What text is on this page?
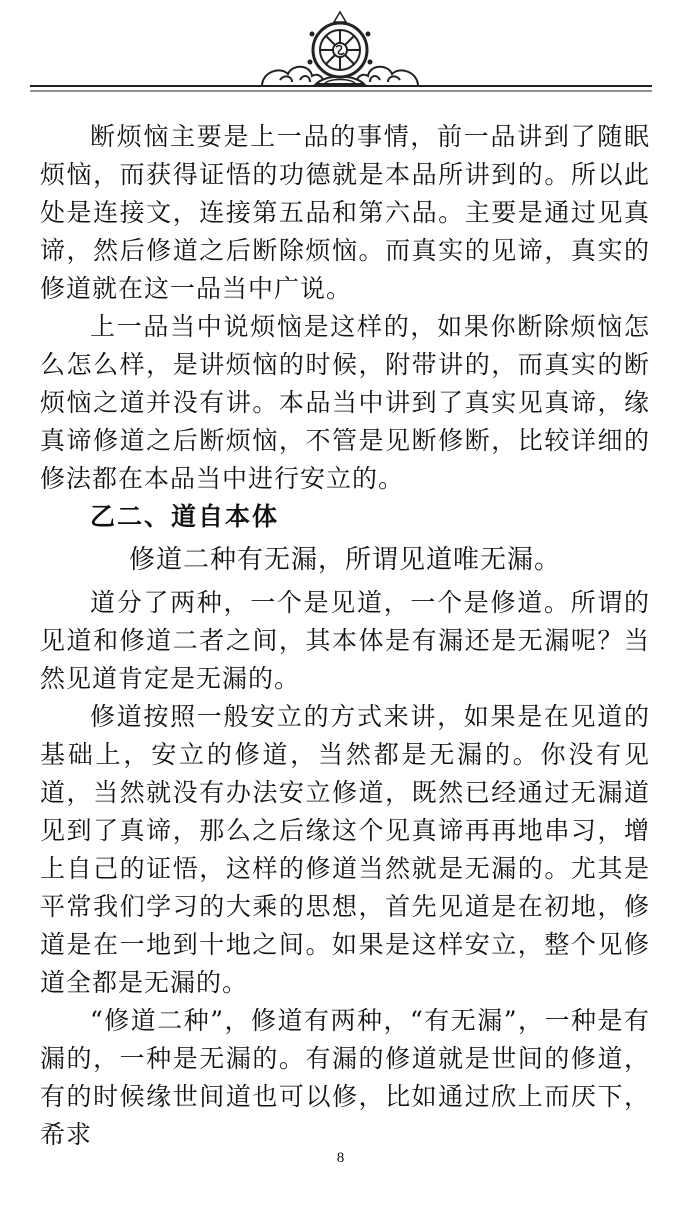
断烦恼主要是上一品的事情，前一品讲到了随眠烦恼，而获得证悟的功德就是本品所讲到的。所以此处是连接文，连接第五品和第六品。主要是通过见真谛，然后修道之后断除烦恼。而真实的见谛，真实的修道就在这一品当中广说。

上一品当中说烦恼是这样的，如果你断除烦恼怎么怎么样，是讲烦恼的时候，附带讲的，而真实的断烦恼之道并没有讲。本品当中讲到了真实见真谛，缘真谛修道之后断烦恼，不管是见断修断，比较详细的修法都在本品当中进行安立的。

乙二、道自本体

修道二种有无漏，所谓见道唯无漏。

道分了两种，一个是见道，一个是修道。所谓的见道和修道二者之间，其本体是有漏还是无漏呢？当然见道肯定是无漏的。

修道按照一般安立的方式来讲，如果是在见道的基础上，安立的修道，当然都是无漏的。你没有见道，当然就没有办法安立修道，既然已经通过无漏道见到了真谛，那么之后缘这个见真谛再再地串习，增上自己的证悟，这样的修道当然就是无漏的。尤其是平常我们学习的大乘的思想，首先见道是在初地，修道是在一地到十地之间。如果是这样安立，整个见修道全都是无漏的。

“修道二种”，修道有两种，“有无漏”，一种是有漏的，一种是无漏的。有漏的修道就是世间的修道，有的时候缘世间道也可以修，比如通过欣上而厌下，希求

8
